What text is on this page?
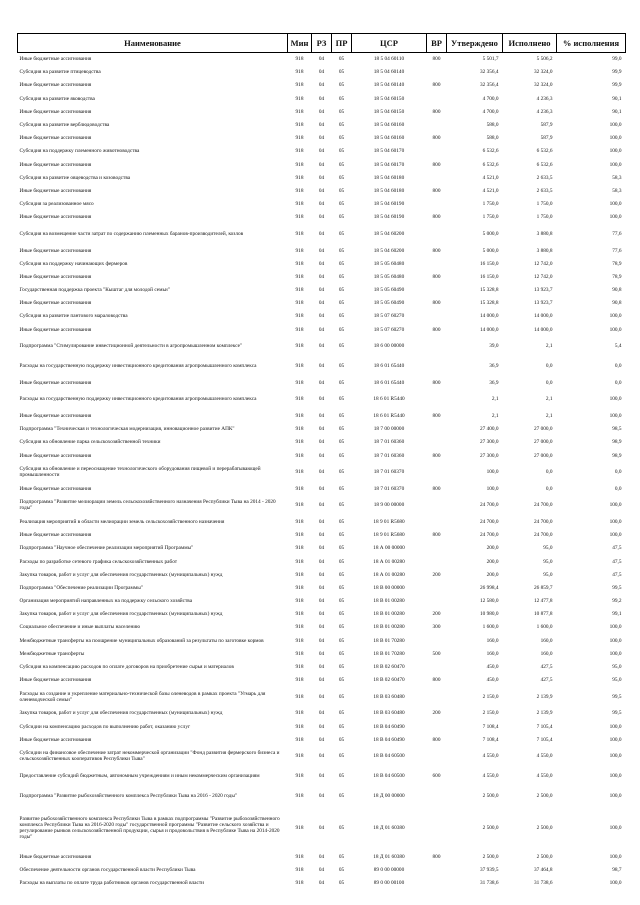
Наименование	Мин	РЗ	ПР	ЦСР	ВР	Утверждено	Исполнено	% исполнения
Иные бюджетные ассигнования	918	04	05	18 5 04 60110	800	5 501,7	5 506,2	99,0
Субсидия на развитие птицеводства	918	04	05	18 5 04 60140		32 356,4	32 324,0	99,9
Иные бюджетные ассигнования	918	04	05	18 5 04 60140	800	32 356,4	32 324,0	99,9
Субсидия на развитие яководства	918	04	05	18 5 04 60150		4 700,0	4 236,3	90,1
Иные бюджетные ассигнования	918	04	05	18 5 04 60150	800	4 700,0	4 236,3	90,1
Субсидия на развитие верблюдоводства	918	04	05	18 5 04 60160		588,0	587,9	100,0
Иные бюджетные ассигнования	918	04	05	18 5 04 60160	800	588,0	587,9	100,0
Субсидия на поддержку племенного животноводства	918	04	05	18 5 04 60170		6 532,6	6 532,6	100,0
Иные бюджетные ассигнования	918	04	05	18 5 04 60170	800	6 532,6	6 532,6	100,0
Субсидия на развитие овцеводства и козоводства	918	04	05	18 5 04 60180		4 521,0	2 633,5	58,3
Иные бюджетные ассигнования	918	04	05	18 5 04 60180	800	4 521,0	2 633,5	58,3
Субсидия за реализованное мясо	918	04	05	18 5 04 60190		1 750,0	1 750,0	100,0
Иные бюджетные ассигнования	918	04	05	18 5 04 60190	800	1 750,0	1 750,0	100,0
Субсидия на возмещение части затрат по содержанию племенных баранов-производителей, козлов	918	04	05	18 5 04 60200		5 000,0	3 880,8	77,6
Иные бюджетные ассигнования	918	04	05	18 5 04 60200	800	5 000,0	3 880,8	77,6
Субсидия на поддержку начинающих фермеров	918	04	05	18 5 05 60480		16 150,0	12 742,0	78,9
Иные бюджетные ассигнования	918	04	05	18 5 05 60480	800	16 150,0	12 742,0	78,9
Государственная поддержка проекта "Кыштаг для молодой семьи"	918	04	05	18 5 05 60490		15 328,8	13 923,7	90,8
Иные бюджетные ассигнования	918	04	05	18 5 05 60490	800	15 328,8	13 923,7	90,8
Субсидия на развитие пантового мараловодства	918	04	05	18 5 07 60270		14 000,0	14 000,0	100,0
Иные бюджетные ассигнования	918	04	05	18 5 07 60270	800	14 000,0	14 000,0	100,0
Подпрограмма "Стимулирование инвестиционной деятельности в агропромышленном комплексе"	918	04	05	18 6 00 00000		39,0	2,1	5,4
Расходы на государственную поддержку инвестиционного кредитования агропромышленного комплекса	918	04	05	18 6 01 65440		36,9	0,0	0,0
Иные бюджетные ассигнования	918	04	05	18 6 01 65440	800	36,9	0,0	0,0
Расходы на государственную поддержку инвестиционного кредитования агропромышленного комплекса	918	04	05	18 6 01 R5440		2,1	2,1	100,0
Иные бюджетные ассигнования	918	04	05	18 6 01 R5440	800	2,1	2,1	100,0
Подпрограмма "Техническая и технологическая модернизация, инновационное развитие АПК"	918	04	05	18 7 00 00000		27 400,0	27 000,0	98,5
Субсидия на обновление парка сельскохозяйственной техники	918	04	05	18 7 01 60360		27 300,0	27 000,0	98,9
Иные бюджетные ассигнования	918	04	05	18 7 01 60360	800	27 300,0	27 000,0	98,9
Субсидия на обновление и переоснащение технологического оборудования пищевой и перерабатывающей промышленности	918	04	05	18 7 01 60370		100,0	0,0	0,0
Иные бюджетные ассигнования	918	04	05	18 7 01 60370	800	100,0	0,0	0,0
Подпрограмма "Развитие мелиорации земель сельскохозяйственного назначения Республики Тыва на 2014 - 2020 годы"	918	04	05	18 9 00 00000		24 700,0	24 700,0	100,0
Реализация мероприятий в области мелиорации земель сельскохозяйственного назначения	918	04	05	18 9 01 R5680		24 700,0	24 700,0	100,0
Иные бюджетные ассигнования	918	04	05	18 9 01 R5680	800	24 700,0	24 700,0	100,0
Подпрограмма "Научное обеспечение реализации мероприятий Программы"	918	04	05	18 А 00 00000		200,0	95,0	47,5
Расходы по разработке сетевого графика сельскохозяйственных работ	918	04	05	18 А 01 00280		200,0	95,0	47,5
Закупка товаров, работ и услуг для обеспечения государственных (муниципальных) нужд	918	04	05	18 А 01 00280	200	200,0	95,0	47,5
Подпрограмма "Обеспечение реализации Программы"	918	04	05	18 В 00 00000		26 998,4	26 859,7	99,5
Организация мероприятий направленных на поддержку сельского хозяйства	918	04	05	18 В 01 00280		12 580,0	12 477,8	99,2
Закупка товаров, работ и услуг для обеспечения государственных (муниципальных) нужд	918	04	05	18 В 01 00280	200	10 980,0	10 877,8	99,1
Социальное обеспечение и иные выплаты населению	918	04	05	18 В 01 00280	300	1 600,0	1 600,0	100,0
Межбюджетные трансферты на поощрение муниципальных образований за результаты по заготовке кормов	918	04	05	18 В 01 70280		160,0	160,0	100,0
Межбюджетные трансферты	918	04	05	18 В 01 70280	500	160,0	160,0	100,0
Субсидия на компенсацию расходов по оплате договоров на приобретение сырья и материалов	918	04	05	18 В 02 60470		450,0	427,5	95,0
Иные бюджетные ассигнования	918	04	05	18 В 02 60470	800	450,0	427,5	95,0
Расходы на создание и укрепление материально-технической базы оленеводов в рамках проекта "Угмарь для оленеводческой семьи"	918	04	05	18 В 03 60480		2 150,0	2 139,9	99,5
Закупка товаров, работ и услуг для обеспечения государственных (муниципальных) нужд	918	04	05	18 В 03 60480	200	2 150,0	2 139,9	99,5
Субсидии на компенсацию расходов по выполнению работ, оказанию услуг	918	04	05	18 В 04 60490		7 108,4	7 105,4	100,0
Иные бюджетные ассигнования	918	04	05	18 В 04 60490	800	7 108,4	7 105,4	100,0
Субсидии на финансовое обеспечение затрат некоммерческой организации "Фонд развития фермерского бизнеса и сельскохозяйственных кооперативов Республики Тыва"	918	04	05	18 В 04 60500		4 550,0	4 550,0	100,0
Предоставление субсидий бюджетным, автономным учреждениям и иным некоммерческим организациям	918	04	05	18 В 04 60500	600	4 550,0	4 550,0	100,0
Подпрограмма "Развитие рыбохозяйственного комплекса Республики Тыва на 2016 - 2020 годы"	918	04	05	18 Д 00 00000		2 500,0	2 500,0	100,0
Развитие рыбохозяйственного комплекса Республики Тыва в рамках подпрограммы "Развитие рыбохозяйственного комплекса Республики Тыва на 2016-2020 годы" государственной программы "Развитие сельского хозяйства и регулирование рынков сельскохозяйственной продукции, сырья и продовольствия в Республике Тыва на 2014-2020 годы"	918	04	05	18 Д 01 60380		2 500,0	2 500,0	100,0
Иные бюджетные ассигнования	918	04	05	18 Д 01 60380	800	2 500,0	2 500,0	100,0
Обеспечение деятельности органов государственной власти Республики Тыва	918	04	05	89 0 00 00000		37 939,5	37 464,8	98,7
Расходы на выплаты по оплате труда работников органов государственной власти	918	04	05	89 0 00 00100		31 738,6	31 738,6	100,0
